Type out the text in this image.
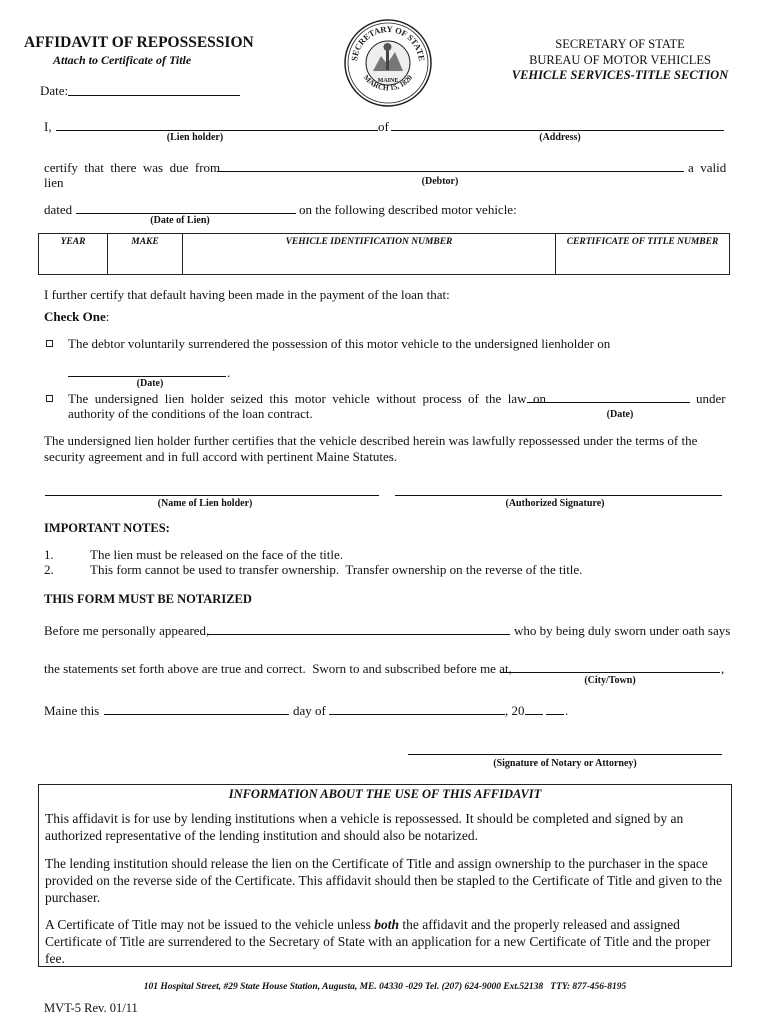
AFFIDAVIT OF REPOSSESSION
Attach to Certificate of Title
Date:
SECRETARY OF STATE
MARCH 15, 1820
MAINE
SECRETARY OF STATE
BUREAU OF MOTOR VEHICLES
VEHICLE SERVICES-TITLE SECTION
I,	of
(Lien holder)	(Address)
certify  that  there  was  due  from	a  valid
lien	(Debtor)
dated	on the following described motor vehicle:
(Date of Lien)
YEAR	MAKE	VEHICLE IDENTIFICATION NUMBER	CERTIFICATE OF TITLE NUMBER
I further certify that default having been made in the payment of the loan that:
Check One:
The debtor voluntarily surrendered the possession of this motor vehicle to the undersigned lienholder on
.
(Date)
The  undersigned  lien  holder  seized  this  motor  vehicle  without  process  of  the  law  on	under
authority of the conditions of the loan contract.	(Date)
The undersigned lien holder further certifies that the vehicle described herein was lawfully repossessed under the terms of the security agreement and in full accord with pertinent Maine Statutes.
(Name of Lien holder)	(Authorized Signature)
IMPORTANT NOTES:
1.	The lien must be released on the face of the title.
2.	This form cannot be used to transfer ownership.  Transfer ownership on the reverse of the title.
THIS FORM MUST BE NOTARIZED
Before me personally appeared,	who by being duly sworn under oath says
the statements set forth above are true and correct.  Sworn to and subscribed before me at,	,
(City/Town)
Maine this	day of	, 20	.
(Signature of Notary or Attorney)
INFORMATION ABOUT THE USE OF THIS AFFIDAVIT
This affidavit is for use by lending institutions when a vehicle is repossessed. It should be completed and signed by an authorized representative of the lending institution and should also be notarized.
The lending institution should release the lien on the Certificate of Title and assign ownership to the purchaser in the space provided on the reverse side of the Certificate. This affidavit should then be stapled to the Certificate of Title and given to the purchaser.
A Certificate of Title may not be issued to the vehicle unless both the affidavit and the properly released and assigned Certificate of Title are surrendered to the Secretary of State with an application for a new Certificate of Title and the proper fee.
101 Hospital Street, #29 State House Station, Augusta, ME. 04330 -029 Tel. (207) 624-9000 Ext.52138   TTY: 877-456-8195
MVT-5 Rev. 01/11
